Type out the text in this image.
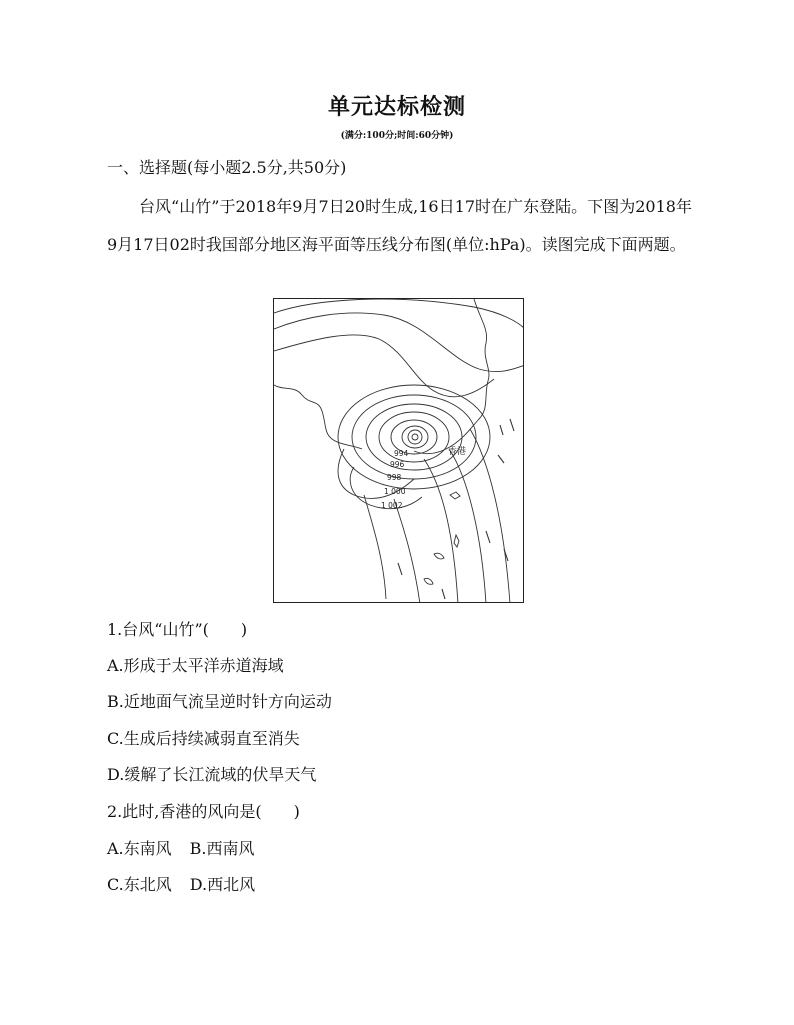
单元达标检测
(满分:100分;时间:60分钟)
一、选择题(每小题2.5分,共50分)
台风“山竹”于2018年9月7日20时生成,16日17时在广东登陆。下图为2018年9月17日02时我国部分地区海平面等压线分布图(单位:hPa)。读图完成下面两题。
994
996
998
1 000
1 002
香港
1.台风“山竹”(　　)
A.形成于太平洋赤道海域
B.近地面气流呈逆时针方向运动
C.生成后持续减弱直至消失
D.缓解了长江流域的伏旱天气
2.此时,香港的风向是(　　)
A.东南风 B.西南风
C.东北风 D.西北风
